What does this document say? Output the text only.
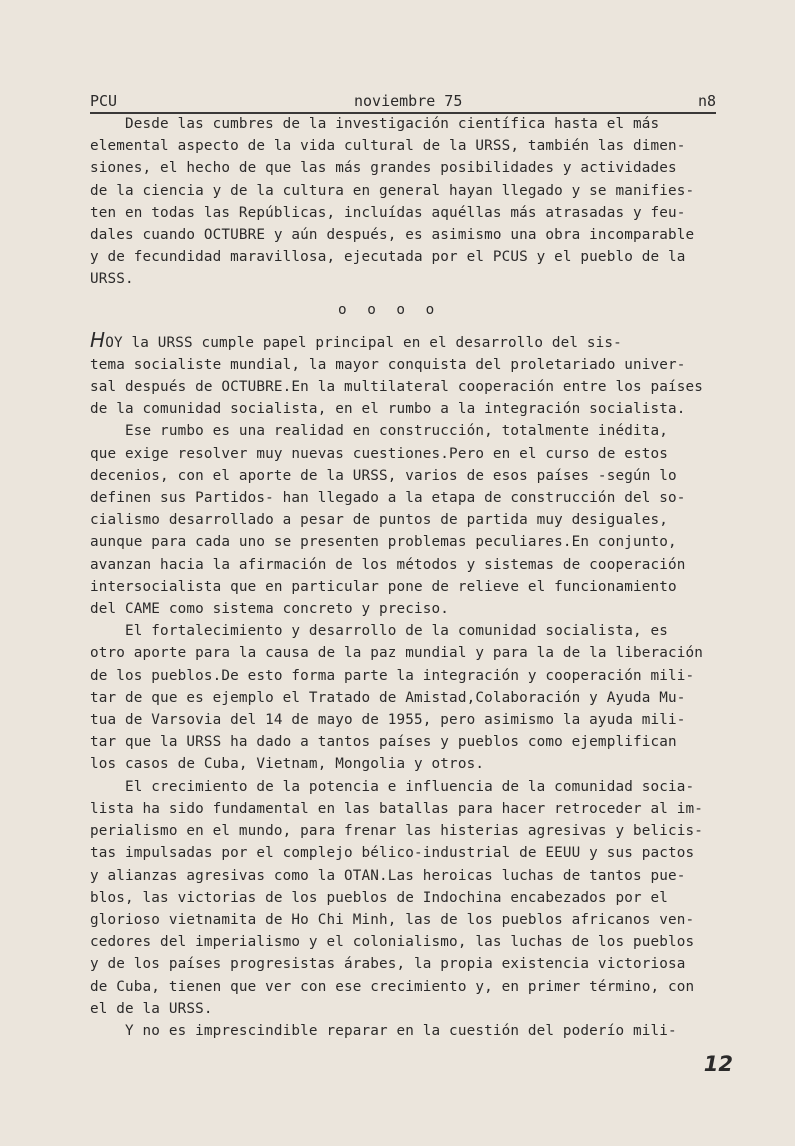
PCU	noviembre 75	n8

Desde las cumbres de la investigación científica hasta el más
elemental aspecto de la vida cultural de la URSS, también las dimen-
siones, el hecho de que las más grandes posibilidades y actividades
de la ciencia y de la cultura en general hayan llegado y se manifies-
ten en todas las Repúblicas, incluídas aquéllas más atrasadas y feu-
dales cuando OCTUBRE y aún después, es asimismo una obra incomparable
y de fecundidad maravillosa, ejecutada por el PCUS y el pueblo de la
URSS.

o o o o

HOY la URSS cumple papel principal en el desarrollo del sis-
tema socialiste mundial, la mayor conquista del proletariado univer-
sal después de OCTUBRE.En la multilateral cooperación entre los países
de la comunidad socialista, en el rumbo a la integración socialista.

Ese rumbo es una realidad en construcción, totalmente inédita,
que exige resolver muy nuevas cuestiones.Pero en el curso de estos
decenios, con el aporte de la URSS, varios de esos países -según lo
definen sus Partidos- han llegado a la etapa de construcción del so-
cialismo desarrollado a pesar de puntos de partida muy desiguales,
aunque para cada uno se presenten problemas peculiares.En conjunto,
avanzan hacia la afirmación de los métodos y sistemas de cooperación
intersocialista que en particular pone de relieve el funcionamiento
del CAME como sistema concreto y preciso.

El fortalecimiento y desarrollo de la comunidad socialista, es
otro aporte para la causa de la paz mundial y para la de la liberación
de los pueblos.De esto forma parte la integración y cooperación mili-
tar de que es ejemplo el Tratado de Amistad,Colaboración y Ayuda Mu-
tua de Varsovia del 14 de mayo de 1955, pero asimismo la ayuda mili-
tar que la URSS ha dado a tantos países y pueblos como ejemplifican
los casos de Cuba, Vietnam, Mongolia y otros.

El crecimiento de la potencia e influencia de la comunidad socia-
lista ha sido fundamental en las batallas para hacer retroceder al im-
perialismo en el mundo, para frenar las histerias agresivas y belicis-
tas impulsadas por el complejo bélico-industrial de EEUU y sus pactos
y alianzas agresivas como la OTAN.Las heroicas luchas de tantos pue-
blos, las victorias de los pueblos de Indochina encabezados por el
glorioso vietnamita de Ho Chi Minh, las de los pueblos africanos ven-
cedores del imperialismo y el colonialismo, las luchas de los pueblos
y de los países progresistas árabes, la propia existencia victoriosa
de Cuba, tienen que ver con ese crecimiento y, en primer término, con
el de la URSS.

Y no es imprescindible reparar en la cuestión del poderío mili-

12
